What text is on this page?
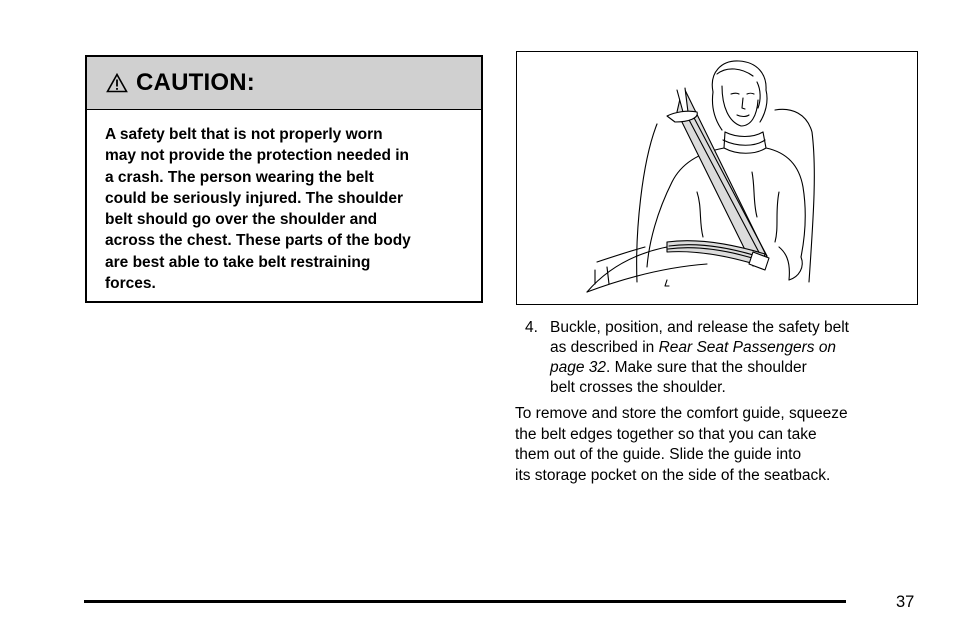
CAUTION:
A safety belt that is not properly worn
may not provide the protection needed in
a crash. The person wearing the belt
could be seriously injured. The shoulder
belt should go over the shoulder and
across the chest. These parts of the body
are best able to take belt restraining
forces.
4. Buckle, position, and release the safety belt
as described in Rear Seat Passengers on
page 32. Make sure that the shoulder
belt crosses the shoulder.
To remove and store the comfort guide, squeeze
the belt edges together so that you can take
them out of the guide. Slide the guide into
its storage pocket on the side of the seatback.
37
